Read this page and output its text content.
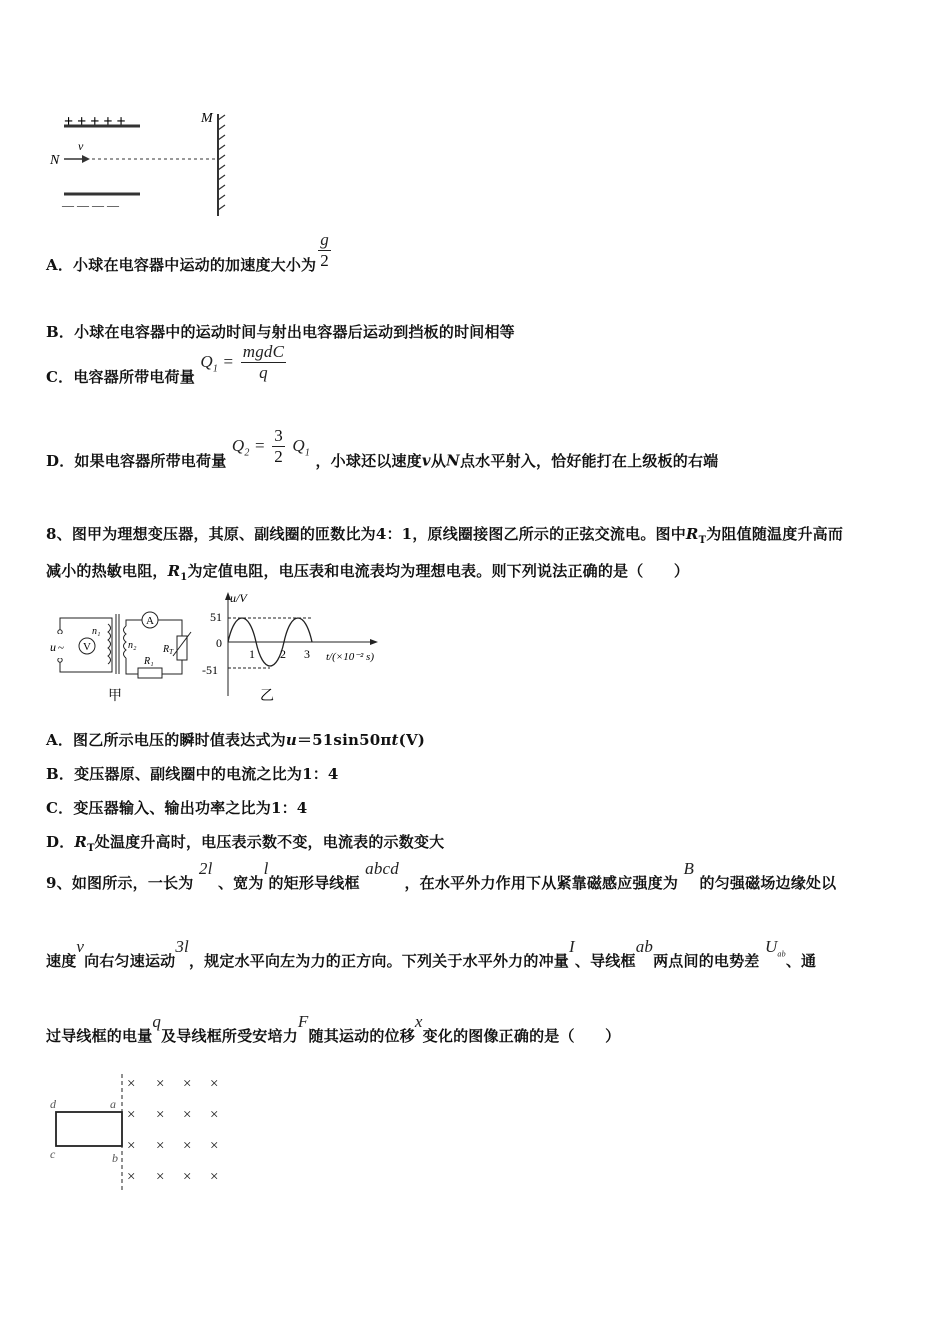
+ + + + +	M
N
v
— — — —
A．小球在电容器中运动的加速度大小为 $\frac{g}{2}$
B．小球在电容器中的运动时间与射出电容器后运动到挡板的时间相等
C．电容器所带电荷量 $Q_1 = \frac{\text{mgdC}}{q}$
D．如果电容器所带电荷量 $Q_2 = \frac{3}{2} Q_1$ ，小球还以速度v从N点水平射入，恰好能打在上级板的右端
8、图甲为理想变压器，其原、副线圈的匝数比为4：1，原线圈接图乙所示的正弦交流电。图中$R_T$为阻值随温度升高而
减小的热敏电阻，$R_1$为定值电阻，电压表和电流表均为理想电表。则下列说法正确的是（　　）
u ~ V
n₁
n₂
A
R₁
$R_T$
甲
u/V
51
0
-51
1 2 3 t/(×10⁻² s)
乙
A．图乙所示电压的瞬时值表达式为u＝51sin50πt(V)
B．变压器原、副线圈中的电流之比为1：4
C．变压器输入、输出功率之比为1：4
D．$R_T$处温度升高时，电压表示数不变，电流表的示数变大
9、如图所示，一长为 2l 、宽为l的矩形导线框 abcd ，在水平外力作用下从紧靠磁感应强度为 B 的匀强磁场边缘处以
速度v向右匀速运动3l，规定水平向左为力的正方向。下列关于水平外力的冲量I、导线框ab两点间的电势差 $U_{ab}$、通
过导线框的电量q及导线框所受安培力F随其运动的位移x变化的图像正确的是（　　）
d	a
c	b
× × × ×
× × × ×
× × × ×
× × × ×
